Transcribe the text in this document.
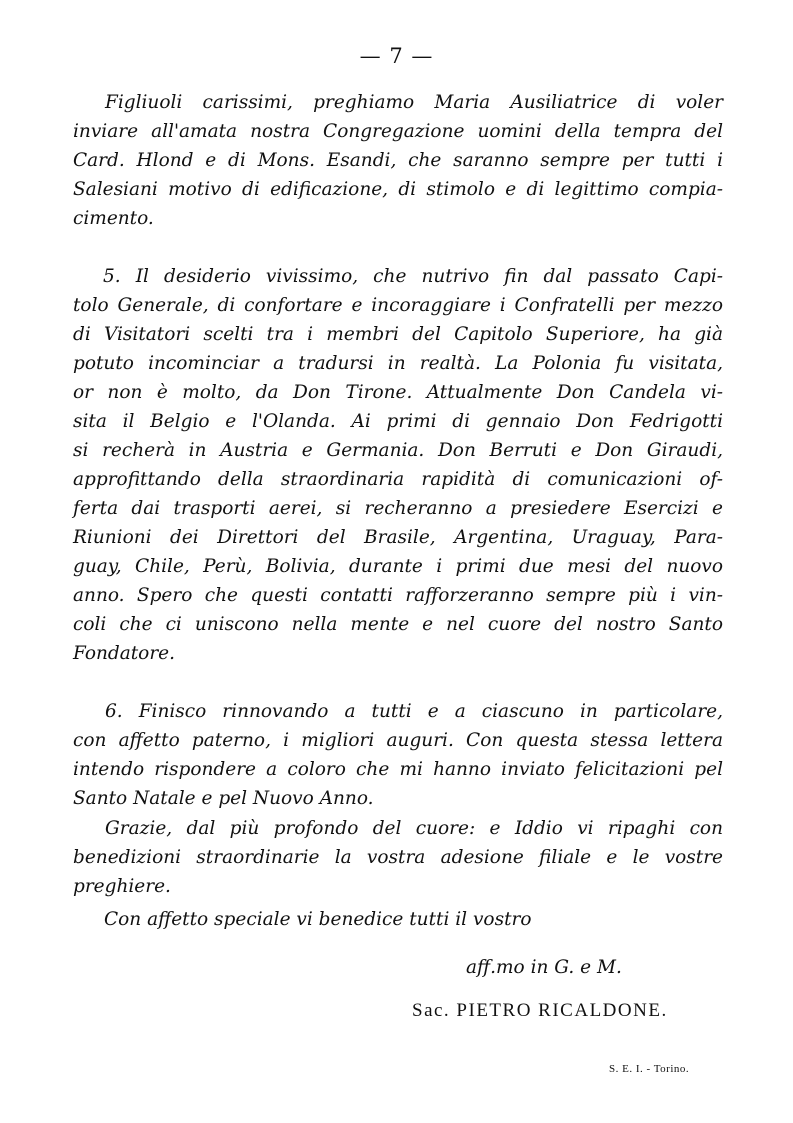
— 7 —

Figliuoli carissimi, preghiamo Maria Ausiliatrice di voler
inviare all'amata nostra Congregazione uomini della tempra del
Card. Hlond e di Mons. Esandi, che saranno sempre per tutti i
Salesiani motivo di edificazione, di stimolo e di legittimo compia-
cimento.

5. Il desiderio vivissimo, che nutrivo fin dal passato Capi-
tolo Generale, di confortare e incoraggiare i Confratelli per mezzo
di Visitatori scelti tra i membri del Capitolo Superiore, ha già
potuto incominciar a tradursi in realtà. La Polonia fu visitata,
or non è molto, da Don Tirone. Attualmente Don Candela vi-
sita il Belgio e l'Olanda. Ai primi di gennaio Don Fedrigotti
si recherà in Austria e Germania. Don Berruti e Don Giraudi,
approfittando della straordinaria rapidità di comunicazioni of-
ferta dai trasporti aerei, si recheranno a presiedere Esercizi e
Riunioni dei Direttori del Brasile, Argentina, Uraguay, Para-
guay, Chile, Perù, Bolivia, durante i primi due mesi del nuovo
anno. Spero che questi contatti rafforzeranno sempre più i vin-
coli che ci uniscono nella mente e nel cuore del nostro Santo
Fondatore.

6. Finisco rinnovando a tutti e a ciascuno in particolare,
con affetto paterno, i migliori auguri. Con questa stessa lettera
intendo rispondere a coloro che mi hanno inviato felicitazioni pel
Santo Natale e pel Nuovo Anno.

Grazie, dal più profondo del cuore: e Iddio vi ripaghi con
benedizioni straordinarie la vostra adesione filiale e le vostre
preghiere.

Con affetto speciale vi benedice tutti il vostro

aff.mo in G. e M.

Sac. PIETRO RICALDONE.

S. E. I. - Torino.
